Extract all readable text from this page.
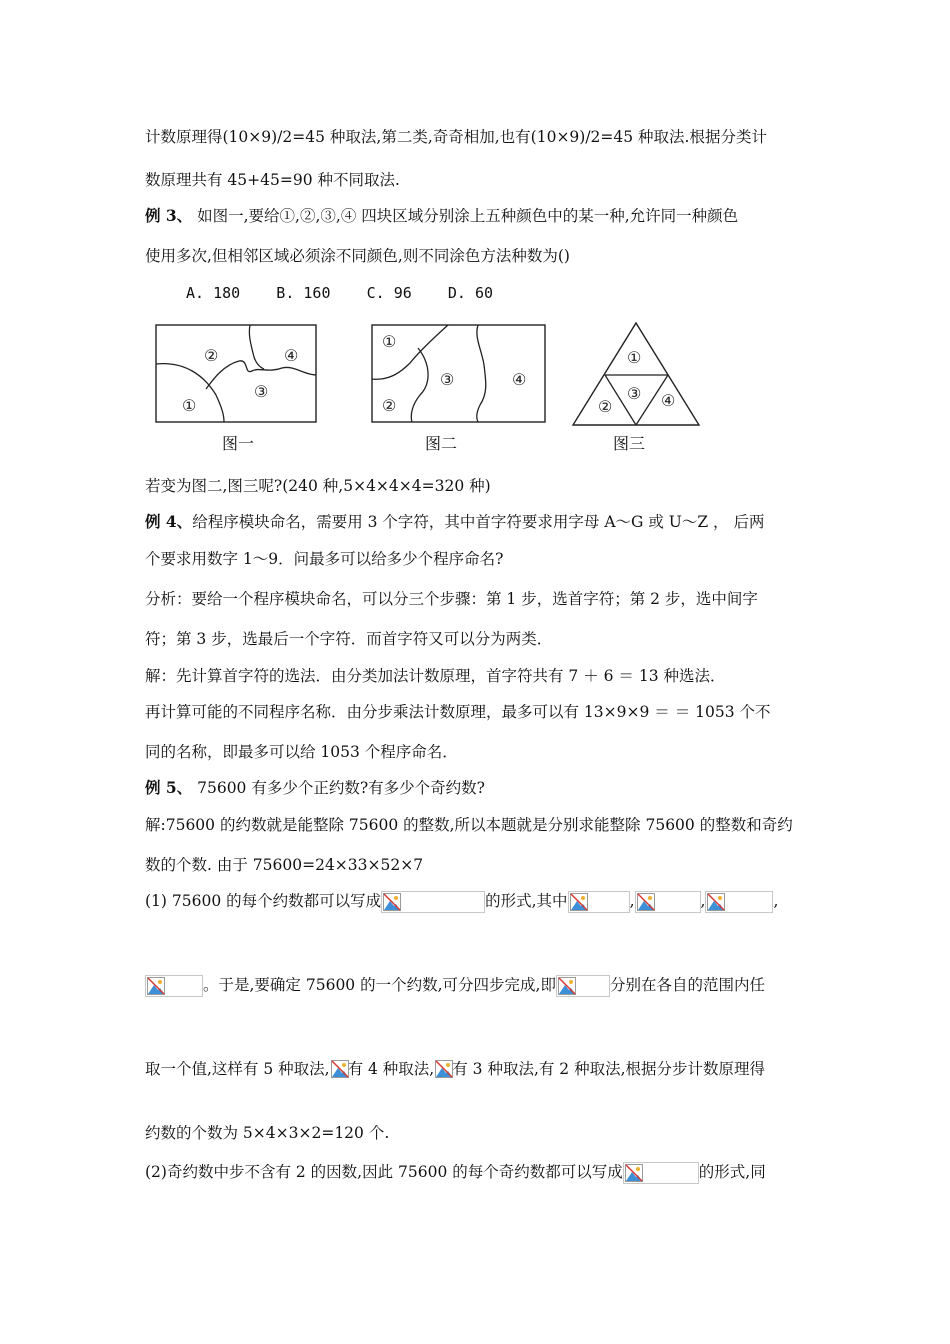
计数原理得(10×9)/2=45 种取法,第二类,奇奇相加,也有(10×9)/2=45 种取法.根据分类计
数原理共有 45+45=90 种不同取法.
例 3、 如图一,要给①,②,③,④ 四块区域分别涂上五种颜色中的某一种,允许同一种颜色
使用多次,但相邻区域必须涂不同颜色,则不同涂色方法种数为()
A. 180    B. 160    C. 96    D. 60
②	④
③
①
图一
①
③	④
②
图二
①
③
②	④
图三
若变为图二,图三呢?(240 种,5×4×4×4=320 种)
例 4、给程序模块命名，需要用 3 个字符，其中首字符要求用字母 A～G 或 U～Z ， 后两
个要求用数字 1～9．问最多可以给多少个程序命名?
分析：要给一个程序模块命名，可以分三个步骤：第 1 步，选首字符；第 2 步，选中间字
符；第 3 步，选最后一个字符．而首字符又可以分为两类．
解：先计算首字符的选法．由分类加法计数原理，首字符共有 7 ＋ 6 ＝ 13 种选法．
再计算可能的不同程序名称．由分步乘法计数原理，最多可以有 13×9×9 ＝ ＝ 1053 个不
同的名称，即最多可以给 1053 个程序命名．
例 5、 75600 有多少个正约数?有多少个奇约数?
解:75600 的约数就是能整除 75600 的整数,所以本题就是分别求能整除 75600 的整数和奇约
数的个数. 由于 75600=24×33×52×7
(1) 75600 的每个约数都可以写成	的形式,其中	,	,	,
。于是,要确定 75600 的一个约数,可分四步完成,即	分别在各自的范围内任
取一个值,这样有 5 种取法, 有 4 种取法, 有 3 种取法,有 2 种取法,根据分步计数原理得
约数的个数为 5×4×3×2=120 个.
(2)奇约数中步不含有 2 的因数,因此 75600 的每个奇约数都可以写成	的形式,同
